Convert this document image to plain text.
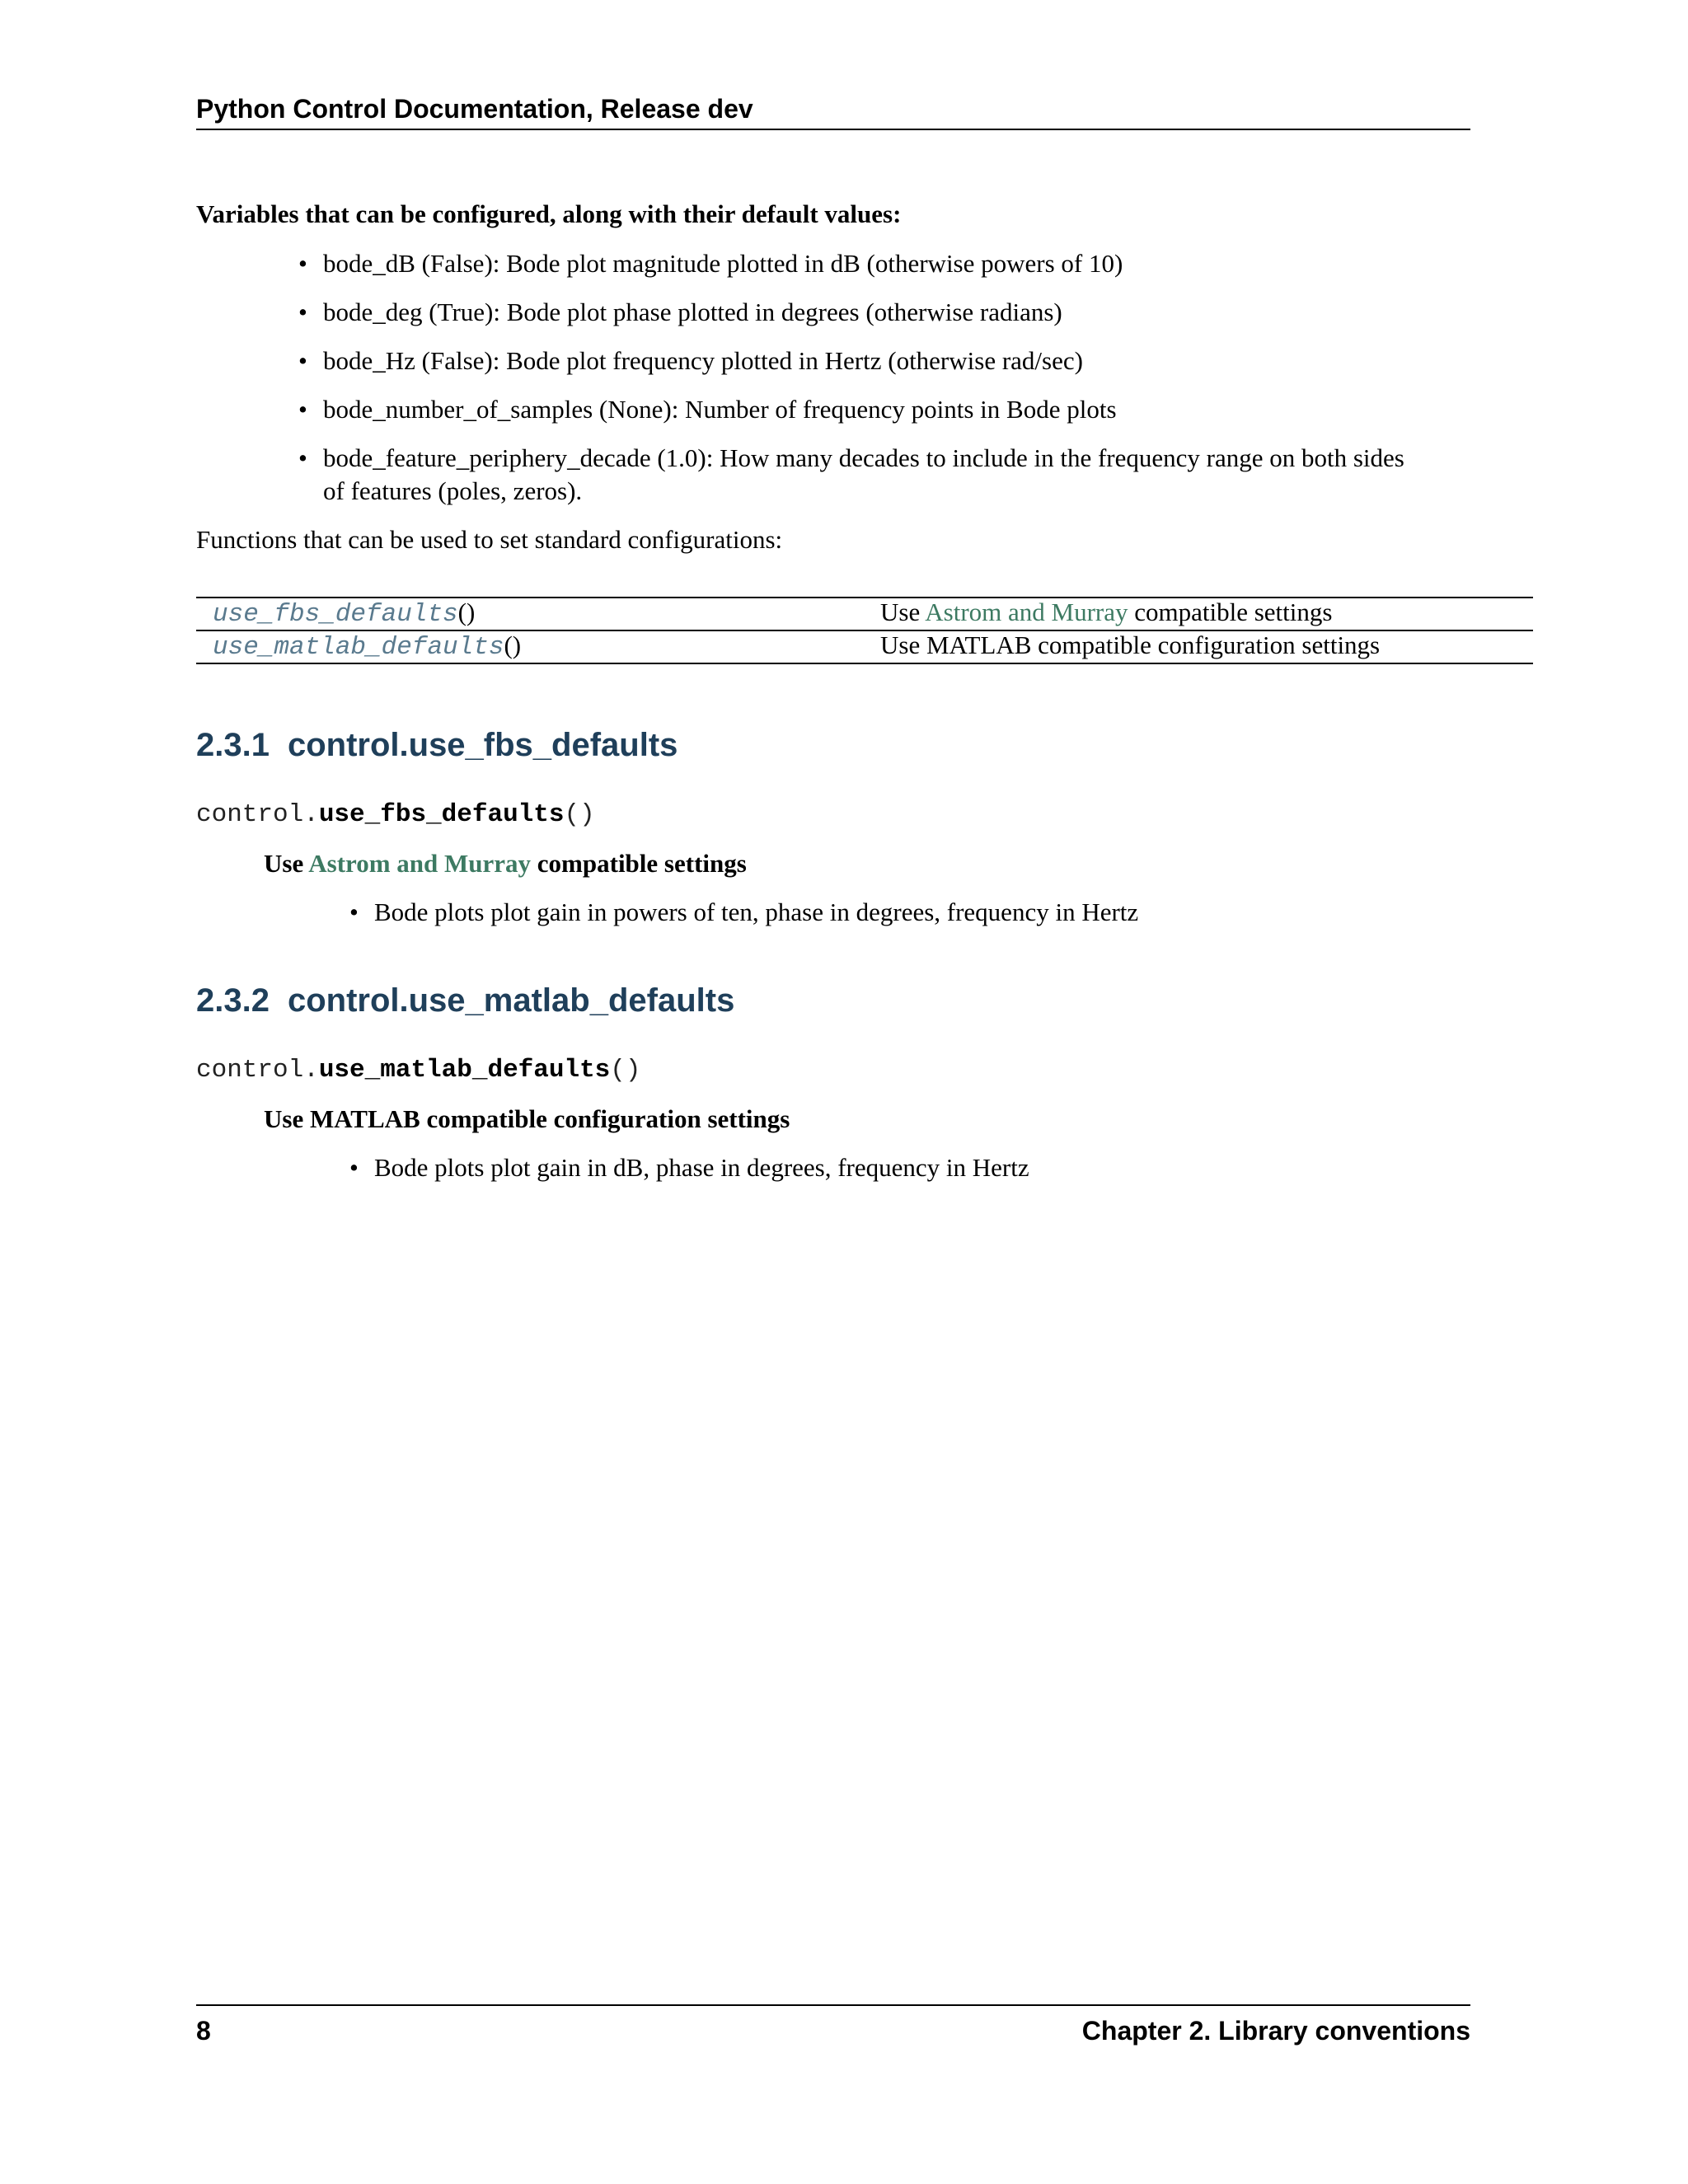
Python Control Documentation, Release dev
Variables that can be configured, along with their default values:
• bode_dB (False): Bode plot magnitude plotted in dB (otherwise powers of 10)
• bode_deg (True): Bode plot phase plotted in degrees (otherwise radians)
• bode_Hz (False): Bode plot frequency plotted in Hertz (otherwise rad/sec)
• bode_number_of_samples (None): Number of frequency points in Bode plots
• bode_feature_periphery_decade (1.0): How many decades to include in the frequency range on both sides
of features (poles, zeros).
Functions that can be used to set standard configurations:
use_fbs_defaults()	Use Astrom and Murray compatible settings
use_matlab_defaults()	Use MATLAB compatible configuration settings
2.3.1 control.use_fbs_defaults
control.use_fbs_defaults()
Use Astrom and Murray compatible settings
• Bode plots plot gain in powers of ten, phase in degrees, frequency in Hertz
2.3.2 control.use_matlab_defaults
control.use_matlab_defaults()
Use MATLAB compatible configuration settings
• Bode plots plot gain in dB, phase in degrees, frequency in Hertz
8	Chapter 2. Library conventions
